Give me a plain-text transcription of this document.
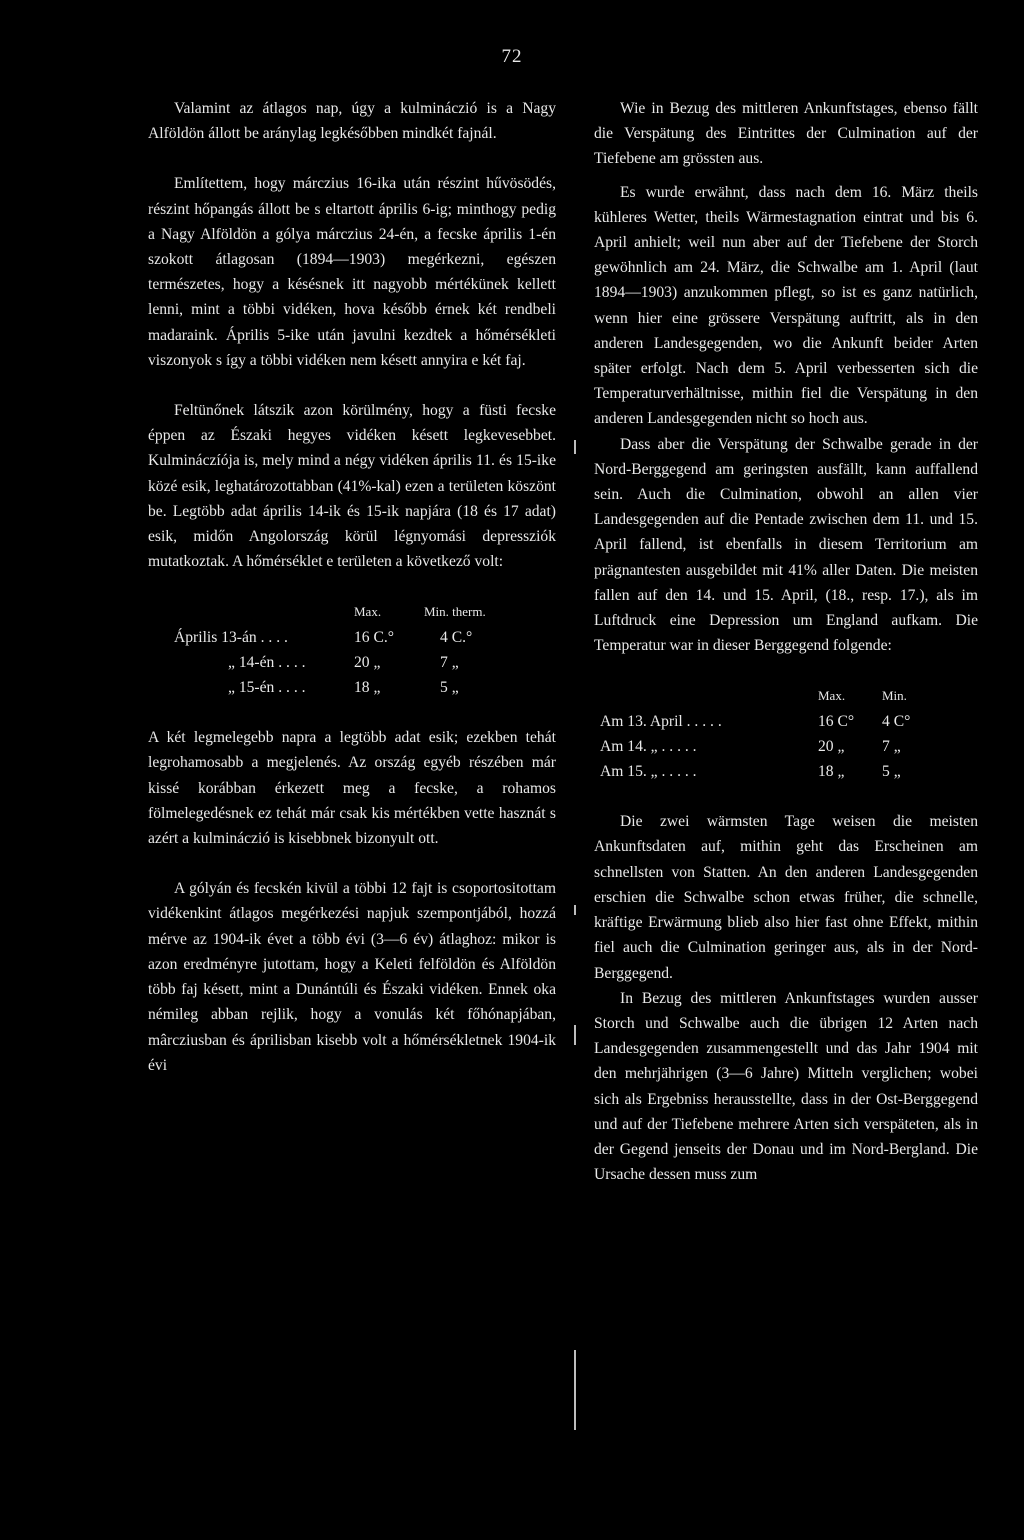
72

Valamint az átlagos nap, úgy a kulmináczió is a Nagy Alföldön állott be aránylag legkésőbben mindkét fajnál.

Említettem, hogy márczius 16-ika után részint hűvösödés, részint hőpangás állott be s eltartott április 6-ig; minthogy pedig a Nagy Alföldön a gólya márczius 24-én, a fecske április 1-én szokott átlagosan (1894—1903) megérkezni, egészen természetes, hogy a késésnek itt nagyobb mértékünek kellett lenni, mint a többi vidéken, hova később érnek két rendbeli madaraink. Április 5-ike után javulni kezdtek a hőmérsékleti viszonyok s így a többi vidéken nem késett annyira e két faj.

Feltünőnek látszik azon körülmény, hogy a füsti fecske éppen az Északi hegyes vidéken késett legkevesebbet. Kulmináczíója is, mely mind a négy vidéken április 11. és 15-ike közé esik, leghatározottabban (41%-kal) ezen a területen köszönt be. Legtöbb adat április 14-ik és 15-ik napjára (18 és 17 adat) esik, midőn Angolország körül légnyomási depressziók mutatkoztak. A hőmérséklet e területen a következő volt:

	Max.	Min. therm.
Április 13-án . . . .	16 C.°	4 C.°
„ 14-én . . . .	20 „	7 „
„ 15-én . . . .	18 „	5 „

A két legmelegebb napra a legtöbb adat esik; ezekben tehát legrohamosabb a megjelenés. Az ország egyéb részében már kissé korábban érkezett meg a fecske, a rohamos fölmelegedésnek ez tehát már csak kis mértékben vette hasznát s azért a kulmináczió is kisebbnek bizonyult ott.

A gólyán és fecskén kivül a többi 12 fajt is csoportositottam vidékenkint átlagos megérkezési napjuk szempontjából, hozzá mérve az 1904-ik évet a több évi (3—6 év) átlaghoz: mikor is azon eredményre jutottam, hogy a Keleti felföldön és Alföldön több faj késett, mint a Dunántúli és Északi vidéken. Ennek oka némileg abban rejlik, hogy a vonulás két főhónapjában, mârcziusban és áprilisban kisebb volt a hőmérsékletnek 1904-ik évi

Wie in Bezug des mittleren Ankunftstages, ebenso fällt die Verspätung des Eintrittes der Culmination auf der Tiefebene am grössten aus.

Es wurde erwähnt, dass nach dem 16. März theils kühleres Wetter, theils Wärmestagnation eintrat und bis 6. April anhielt; weil nun aber auf der Tiefebene der Storch gewöhnlich am 24. März, die Schwalbe am 1. April (laut 1894—1903) anzukommen pflegt, so ist es ganz natürlich, wenn hier eine grössere Verspätung auftritt, als in den anderen Landesgegenden, wo die Ankunft beider Arten später erfolgt. Nach dem 5. April verbesserten sich die Temperaturverhältnisse, mithin fiel die Verspätung in den anderen Landesgegenden nicht so hoch aus.

Dass aber die Verspätung der Schwalbe gerade in der Nord-Berggegend am geringsten ausfällt, kann auffallend sein. Auch die Culmination, obwohl an allen vier Landesgegenden auf die Pentade zwischen dem 11. und 15. April fallend, ist ebenfalls in diesem Territorium am prägnantesten ausgebildet mit 41% aller Daten. Die meisten fallen auf den 14. und 15. April, (18., resp. 17.), als im Luftdruck eine Depression um England aufkam. Die Temperatur war in dieser Berggegend folgende:

	Max.	Min.
Am 13. April . . . . .	16 C°	4 C°
Am 14. „ . . . . .	20 „	7 „
Am 15. „ . . . . .	18 „	5 „

Die zwei wärmsten Tage weisen die meisten Ankunftsdaten auf, mithin geht das Erscheinen am schnellsten von Statten. An den anderen Landesgegenden erschien die Schwalbe schon etwas früher, die schnelle, kräftige Erwärmung blieb also hier fast ohne Effekt, mithin fiel auch die Culmination geringer aus, als in der Nord-Berggegend.

In Bezug des mittleren Ankunftstages wurden ausser Storch und Schwalbe auch die übrigen 12 Arten nach Landesgegenden zusammengestellt und das Jahr 1904 mit den mehrjährigen (3—6 Jahre) Mitteln verglichen; wobei sich als Ergebniss herausstellte, dass in der Ost-Berggegend und auf der Tiefebene mehrere Arten sich verspäteten, als in der Gegend jenseits der Donau und im Nord-Bergland. Die Ursache dessen muss zum
